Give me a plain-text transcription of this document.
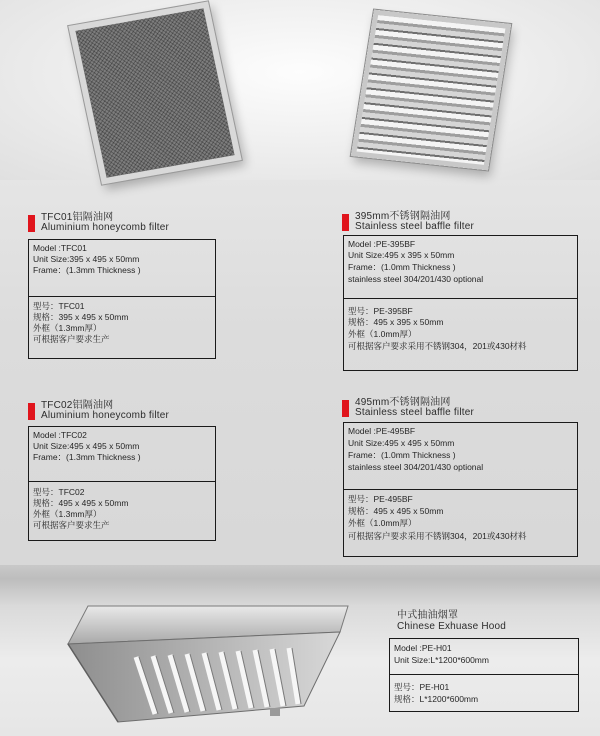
TFC01铝隔油网
Aluminium honeycomb filter
Model :TFC01
Unit Size:395 x 495 x 50mm
Frame：(1.3mm Thickness )
型号：TFC01
规格：395 x 495 x 50mm
外框（1.3mm厚）
可根据客户要求生产
395mm不锈钢隔油网
Stainless steel baffle filter
Model :PE-395BF
Unit Size:495 x 395 x 50mm
Frame：(1.0mm Thickness )
stainless steel 304/201/430 optional
型号：PE-395BF
规格：495 x 395 x 50mm
外框（1.0mm厚）
可根据客户要求采用不锈钢304，201或430材料
TFC02铝隔油网
Aluminium honeycomb filter
Model :TFC02
Unit Size:495 x 495 x 50mm
Frame：(1.3mm Thickness )
型号：TFC02
规格：495 x 495 x 50mm
外框（1.3mm厚）
可根据客户要求生产
495mm不锈钢隔油网
Stainless steel baffle filter
Model :PE-495BF
Unit Size:495 x 495 x 50mm
Frame：(1.0mm Thickness )
stainless steel 304/201/430 optional
型号：PE-495BF
规格：495 x 495 x 50mm
外框（1.0mm厚）
可根据客户要求采用不锈钢304，201或430材料
中式抽油烟罩
Chinese Exhuase Hood
Model :PE-H01
Unit Size:L*1200*600mm
型号：PE-H01
规格：L*1200*600mm
